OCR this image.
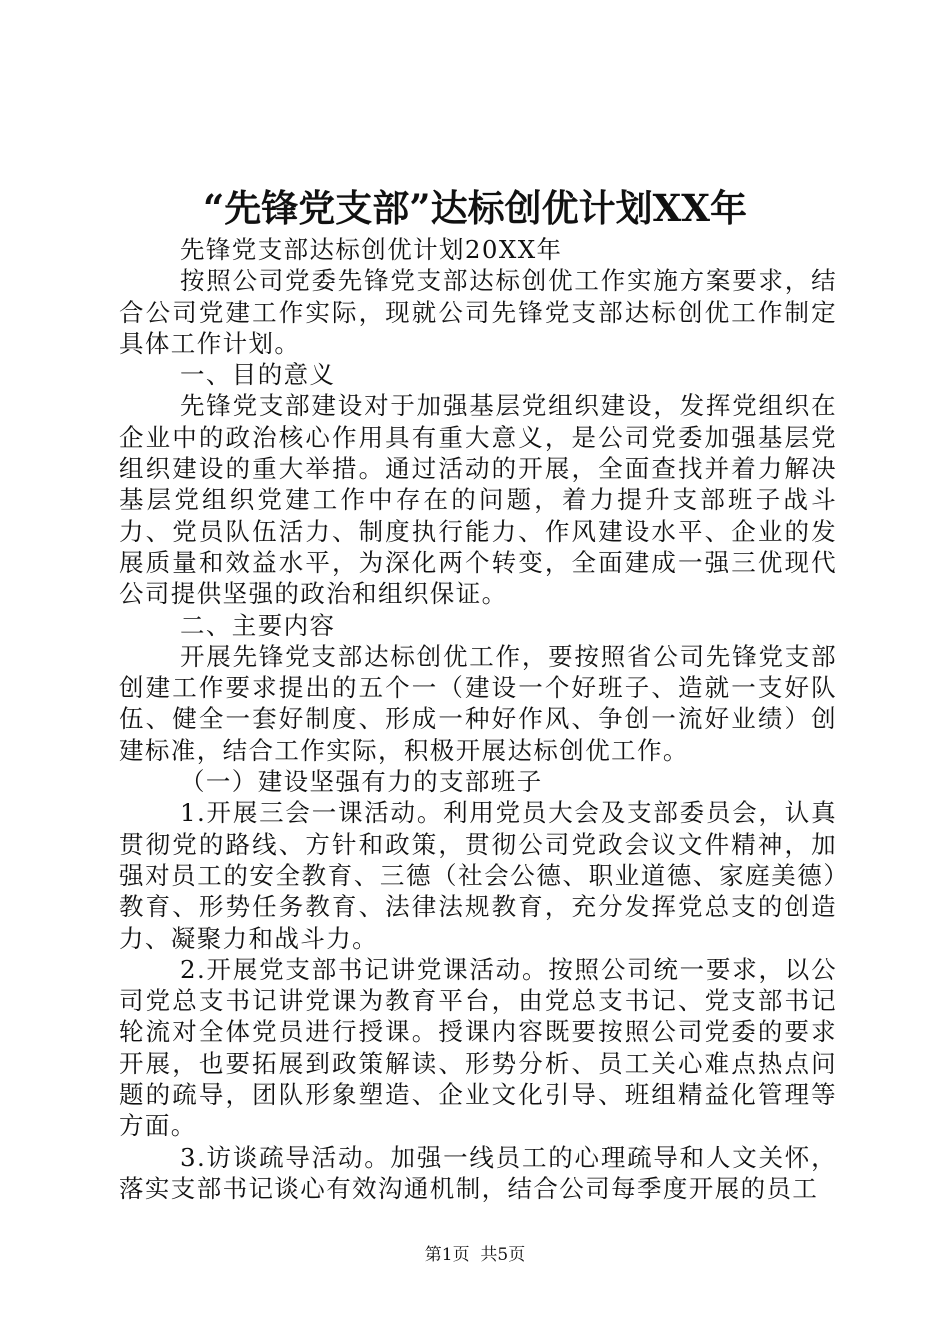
“先锋党支部”达标创优计划XX年

先锋党支部达标创优计划20XX年

按照公司党委先锋党支部达标创优工作实施方案要求，结合公司党建工作实际，现就公司先锋党支部达标创优工作制定具体工作计划。

一、目的意义

先锋党支部建设对于加强基层党组织建设，发挥党组织在企业中的政治核心作用具有重大意义，是公司党委加强基层党组织建设的重大举措。通过活动的开展，全面查找并着力解决基层党组织党建工作中存在的问题，着力提升支部班子战斗力、党员队伍活力、制度执行能力、作风建设水平、企业的发展质量和效益水平，为深化两个转变，全面建成一强三优现代公司提供坚强的政治和组织保证。

二、主要内容

开展先锋党支部达标创优工作，要按照省公司先锋党支部创建工作要求提出的五个一（建设一个好班子、造就一支好队伍、健全一套好制度、形成一种好作风、争创一流好业绩）创建标准，结合工作实际，积极开展达标创优工作。

（一）建设坚强有力的支部班子

1.开展三会一课活动。利用党员大会及支部委员会，认真贯彻党的路线、方针和政策，贯彻公司党政会议文件精神，加强对员工的安全教育、三德（社会公德、职业道德、家庭美德）教育、形势任务教育、法律法规教育，充分发挥党总支的创造力、凝聚力和战斗力。

2.开展党支部书记讲党课活动。按照公司统一要求，以公司党总支书记讲党课为教育平台，由党总支书记、党支部书记轮流对全体党员进行授课。授课内容既要按照公司党委的要求开展，也要拓展到政策解读、形势分析、员工关心难点热点问题的疏导，团队形象塑造、企业文化引导、班组精益化管理等方面。

3.访谈疏导活动。加强一线员工的心理疏导和人文关怀，落实支部书记谈心有效沟通机制，结合公司每季度开展的员工

第1页 共5页
